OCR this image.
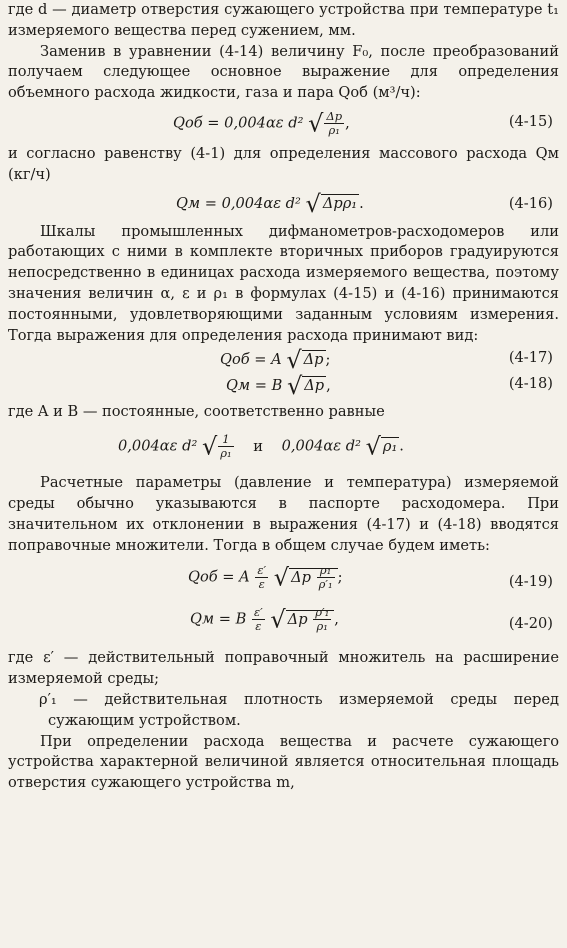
где d — диаметр отверстия сужающего устройства при температуре t₁ измеряемого вещества перед сужением, мм.

Заменив в уравнении (4-14) величину F₀, после преобразований получаем следующее основное выражение для определения объемного расхода жидкости, газа и пара Qоб (м³/ч):

Qоб = 0,004αε d² √ $\frac{\Delta p}{\text{ρ₁}}$ ,	(4-15)

и согласно равенству (4-1) для определения массового расхода Qм (кг/ч)

Qм = 0,004αε d² √ Δpρ₁ .	(4-16)

Шкалы промышленных дифманометров-расходомеров или работающих с ними в комплекте вторичных приборов градуируются непосредственно в единицах расхода измеряемого вещества, поэтому значения величин α, ε и ρ₁ в формулах (4-15) и (4-16) принимаются постоянными, удовлетворяющими заданным условиям измерения. Тогда выражения для определения расхода принимают вид:

Qоб = A √ Δp ;	(4-17)
Qм = B √ Δp ,	(4-18)

где A и B — постоянные, соответственно равные

0,004αε d² √ $\frac{1}{\text{ρ₁}}$ и 0,004αε d² √ ρ₁ .

Расчетные параметры (давление и температура) измеряемой среды обычно указываются в паспорте расходомера. При значительном их отклонении в выражения (4-17) и (4-18) вводятся поправочные множители. Тогда в общем случае будем иметь:

Qоб = A $\frac{\varepsilon'}{\varepsilon}$ √ Δp $\frac{\text{ρ₁}}{\text{ρ′₁}}$ ;	(4-19)
Qм = B $\frac{\varepsilon'}{\varepsilon}$ √ Δp $\frac{\text{ρ′₁}}{\text{ρ₁}}$ ,	(4-20)

где ε′ — действительный поправочный множитель на расширение измеряемой среды;

ρ′₁ — действительная плотность измеряемой среды перед сужающим устройством.

При определении расхода вещества и расчете сужающего устройства характерной величиной является относительная площадь отверстия сужающего устройства m,
